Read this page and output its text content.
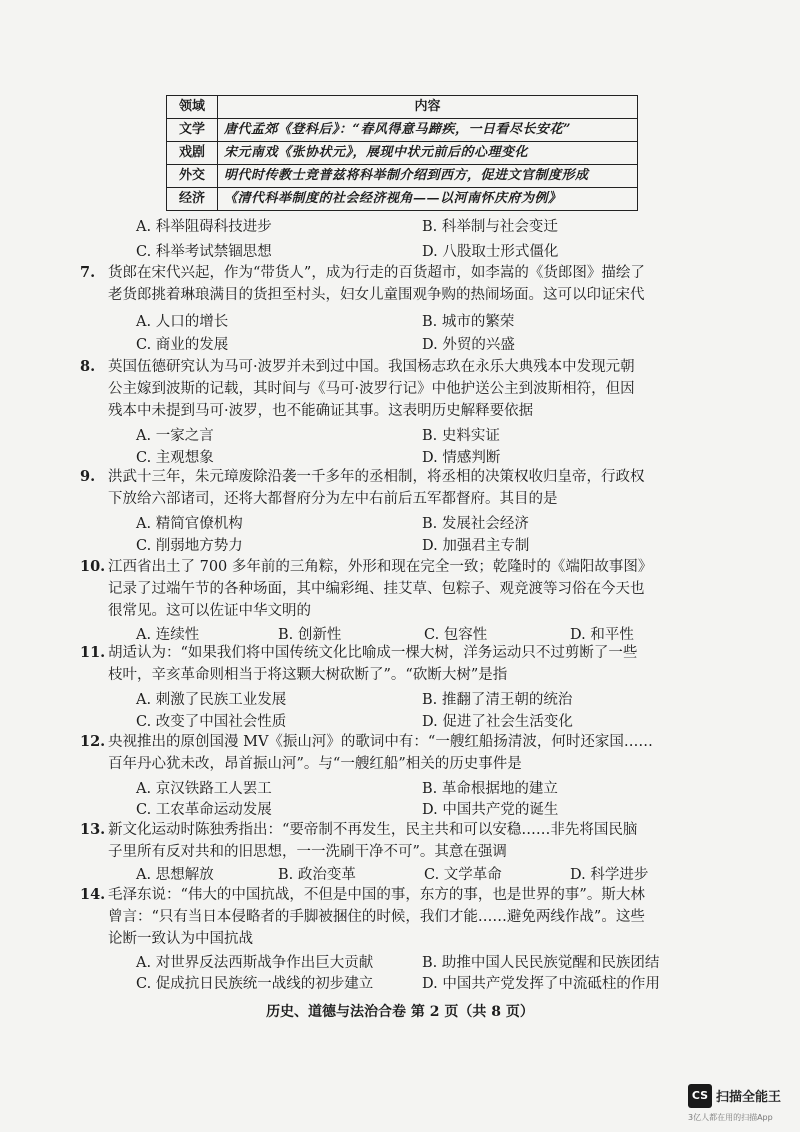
领域	内容
文学	唐代孟郊《登科后》：“春风得意马蹄疾，一日看尽长安花”
戏剧	宋元南戏《张协状元》，展现中状元前后的心理变化
外交	明代时传教士竞普兹将科举制介绍到西方，促进文官制度形成
经济	《清代科举制度的社会经济视角——以河南怀庆府为例》
A. 科举阻碍科技进步	B. 科举制与社会变迁
C. 科举考试禁锢思想	D. 八股取士形式僵化
7. 货郎在宋代兴起，作为“带货人”，成为行走的百货超市，如李嵩的《货郎图》描绘了
老货郎挑着琳琅满目的货担至村头，妇女儿童围观争购的热闹场面。这可以印证宋代
A. 人口的增长	B. 城市的繁荣
C. 商业的发展	D. 外贸的兴盛
8. 英国伍德研究认为马可·波罗并未到过中国。我国杨志玖在永乐大典残本中发现元朝
公主嫁到波斯的记载，其时间与《马可·波罗行记》中他护送公主到波斯相符，但因
残本中未提到马可·波罗，也不能确证其事。这表明历史解释要依据
A. 一家之言	B. 史料实证
C. 主观想象	D. 情感判断
9. 洪武十三年，朱元璋废除沿袭一千多年的丞相制，将丞相的决策权收归皇帝，行政权
下放给六部诸司，还将大都督府分为左中右前后五军都督府。其目的是
A. 精简官僚机构	B. 发展社会经济
C. 削弱地方势力	D. 加强君主专制
10. 江西省出土了 700 多年前的三角粽，外形和现在完全一致；乾隆时的《端阳故事图》
记录了过端午节的各种场面，其中编彩绳、挂艾草、包粽子、观竞渡等习俗在今天也
很常见。这可以佐证中华文明的
A. 连续性	B. 创新性	C. 包容性	D. 和平性
11. 胡适认为：“如果我们将中国传统文化比喻成一棵大树，洋务运动只不过剪断了一些
枝叶，辛亥革命则相当于将这颗大树砍断了”。“砍断大树”是指
A. 刺激了民族工业发展	B. 推翻了清王朝的统治
C. 改变了中国社会性质	D. 促进了社会生活变化
12. 央视推出的原创国漫 MV《振山河》的歌词中有：“一艘红船扬清波，何时还家国……
百年丹心犹未改，昂首振山河”。与“一艘红船”相关的历史事件是
A. 京汉铁路工人罢工	B. 革命根据地的建立
C. 工农革命运动发展	D. 中国共产党的诞生
13. 新文化运动时陈独秀指出：“要帝制不再发生，民主共和可以安稳……非先将国民脑
子里所有反对共和的旧思想，一一洗刷干净不可”。其意在强调
A. 思想解放	B. 政治变革	C. 文学革命	D. 科学进步
14. 毛泽东说：“伟大的中国抗战，不但是中国的事，东方的事，也是世界的事”。斯大林
曾言：“只有当日本侵略者的手脚被捆住的时候，我们才能……避免两线作战”。这些
论断一致认为中国抗战
A. 对世界反法西斯战争作出巨大贡献	B. 助推中国人民民族觉醒和民族团结
C. 促成抗日民族统一战线的初步建立	D. 中国共产党发挥了中流砥柱的作用
历史、道德与法治合卷 第 2 页（共 8 页）
CS 扫描全能王
3亿人都在用的扫描App
